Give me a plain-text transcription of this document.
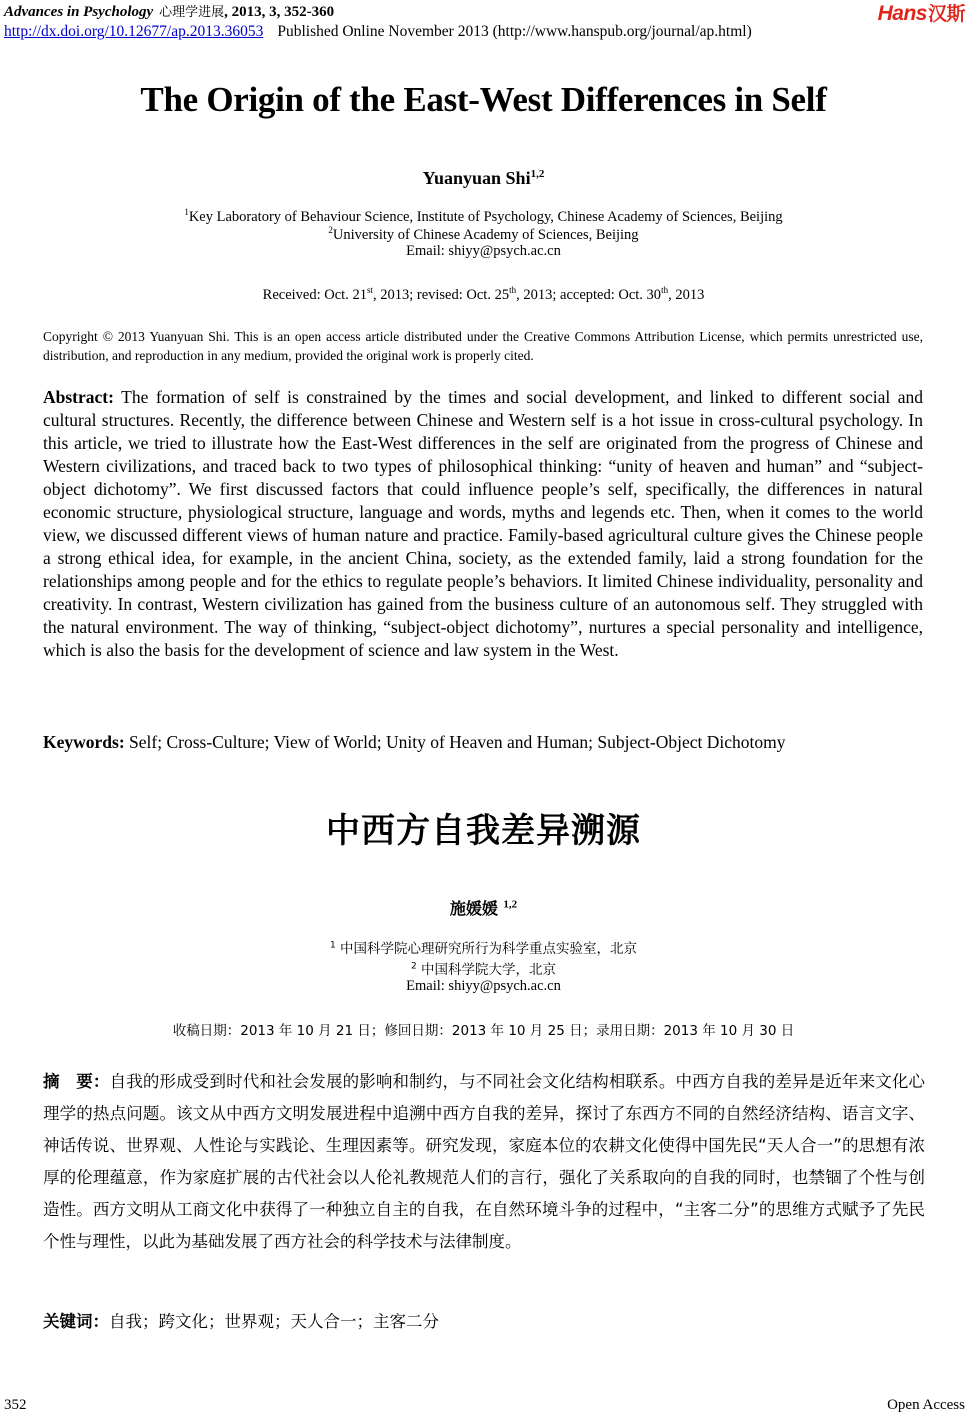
Advances in Psychology 心理学进展, 2013, 3, 352-360
http://dx.doi.org/10.12677/ap.2013.36053 Published Online November 2013 (http://www.hanspub.org/journal/ap.html)
Hans汉斯
The Origin of the East-West Differences in Self
Yuanyuan Shi$^{1,2}$
$^1$Key Laboratory of Behaviour Science, Institute of Psychology, Chinese Academy of Sciences, Beijing
$^2$University of Chinese Academy of Sciences, Beijing
Email: shiyy@psych.ac.cn
Received: Oct. 21st, 2013; revised: Oct. 25th, 2013; accepted: Oct. 30th, 2013
Copyright © 2013 Yuanyuan Shi. This is an open access article distributed under the Creative Commons Attribution License, which permits unrestricted use, distribution, and reproduction in any medium, provided the original work is properly cited.
Abstract: The formation of self is constrained by the times and social development, and linked to different social and cultural structures. Recently, the difference between Chinese and Western self is a hot issue in cross-cultural psychology. In this article, we tried to illustrate how the East-West differences in the self are originated from the progress of Chinese and Western civilizations, and traced back to two types of philosophical thinking: “unity of heaven and human” and “subject-object dichotomy”. We first discussed factors that could influence people’s self, specifically, the differences in natural economic structure, physiological structure, language and words, myths and legends etc. Then, when it comes to the world view, we discussed different views of human nature and practice. Family-based agricultural culture gives the Chinese people a strong ethical idea, for example, in the ancient China, society, as the extended family, laid a strong foundation for the relationships among people and for the ethics to regulate people’s behaviors. It limited Chinese individuality, personality and creativity. In contrast, Western civilization has gained from the business culture of an autonomous self. They struggled with the natural environment. The way of thinking, “subject-object dichotomy”, nurtures a special personality and intelligence, which is also the basis for the development of science and law system in the West.
Keywords: Self; Cross-Culture; View of World; Unity of Heaven and Human; Subject-Object Dichotomy
中西方自我差异溯源
施媛媛 $^{1,2}$
$^1$ 中国科学院心理研究所行为科学重点实验室，北京
$^2$ 中国科学院大学，北京
Email: shiyy@psych.ac.cn
收稿日期：2013 年 10 月 21 日；修回日期：2013 年 10 月 25 日；录用日期：2013 年 10 月 30 日
摘　要：自我的形成受到时代和社会发展的影响和制约，与不同社会文化结构相联系。中西方自我的差异是近年来文化心理学的热点问题。该文从中西方文明发展进程中追溯中西方自我的差异，探讨了东西方不同的自然经济结构、语言文字、神话传说、世界观、人性论与实践论、生理因素等。研究发现，家庭本位的农耕文化使得中国先民“天人合一”的思想有浓厚的伦理蕴意，作为家庭扩展的古代社会以人伦礼教规范人们的言行，强化了关系取向的自我的同时，也禁锢了个性与创造性。西方文明从工商文化中获得了一种独立自主的自我，在自然环境斗争的过程中，“主客二分”的思维方式赋予了先民个性与理性，以此为基础发展了西方社会的科学技术与法律制度。
关键词：自我；跨文化；世界观；天人合一；主客二分
352	Open Access
